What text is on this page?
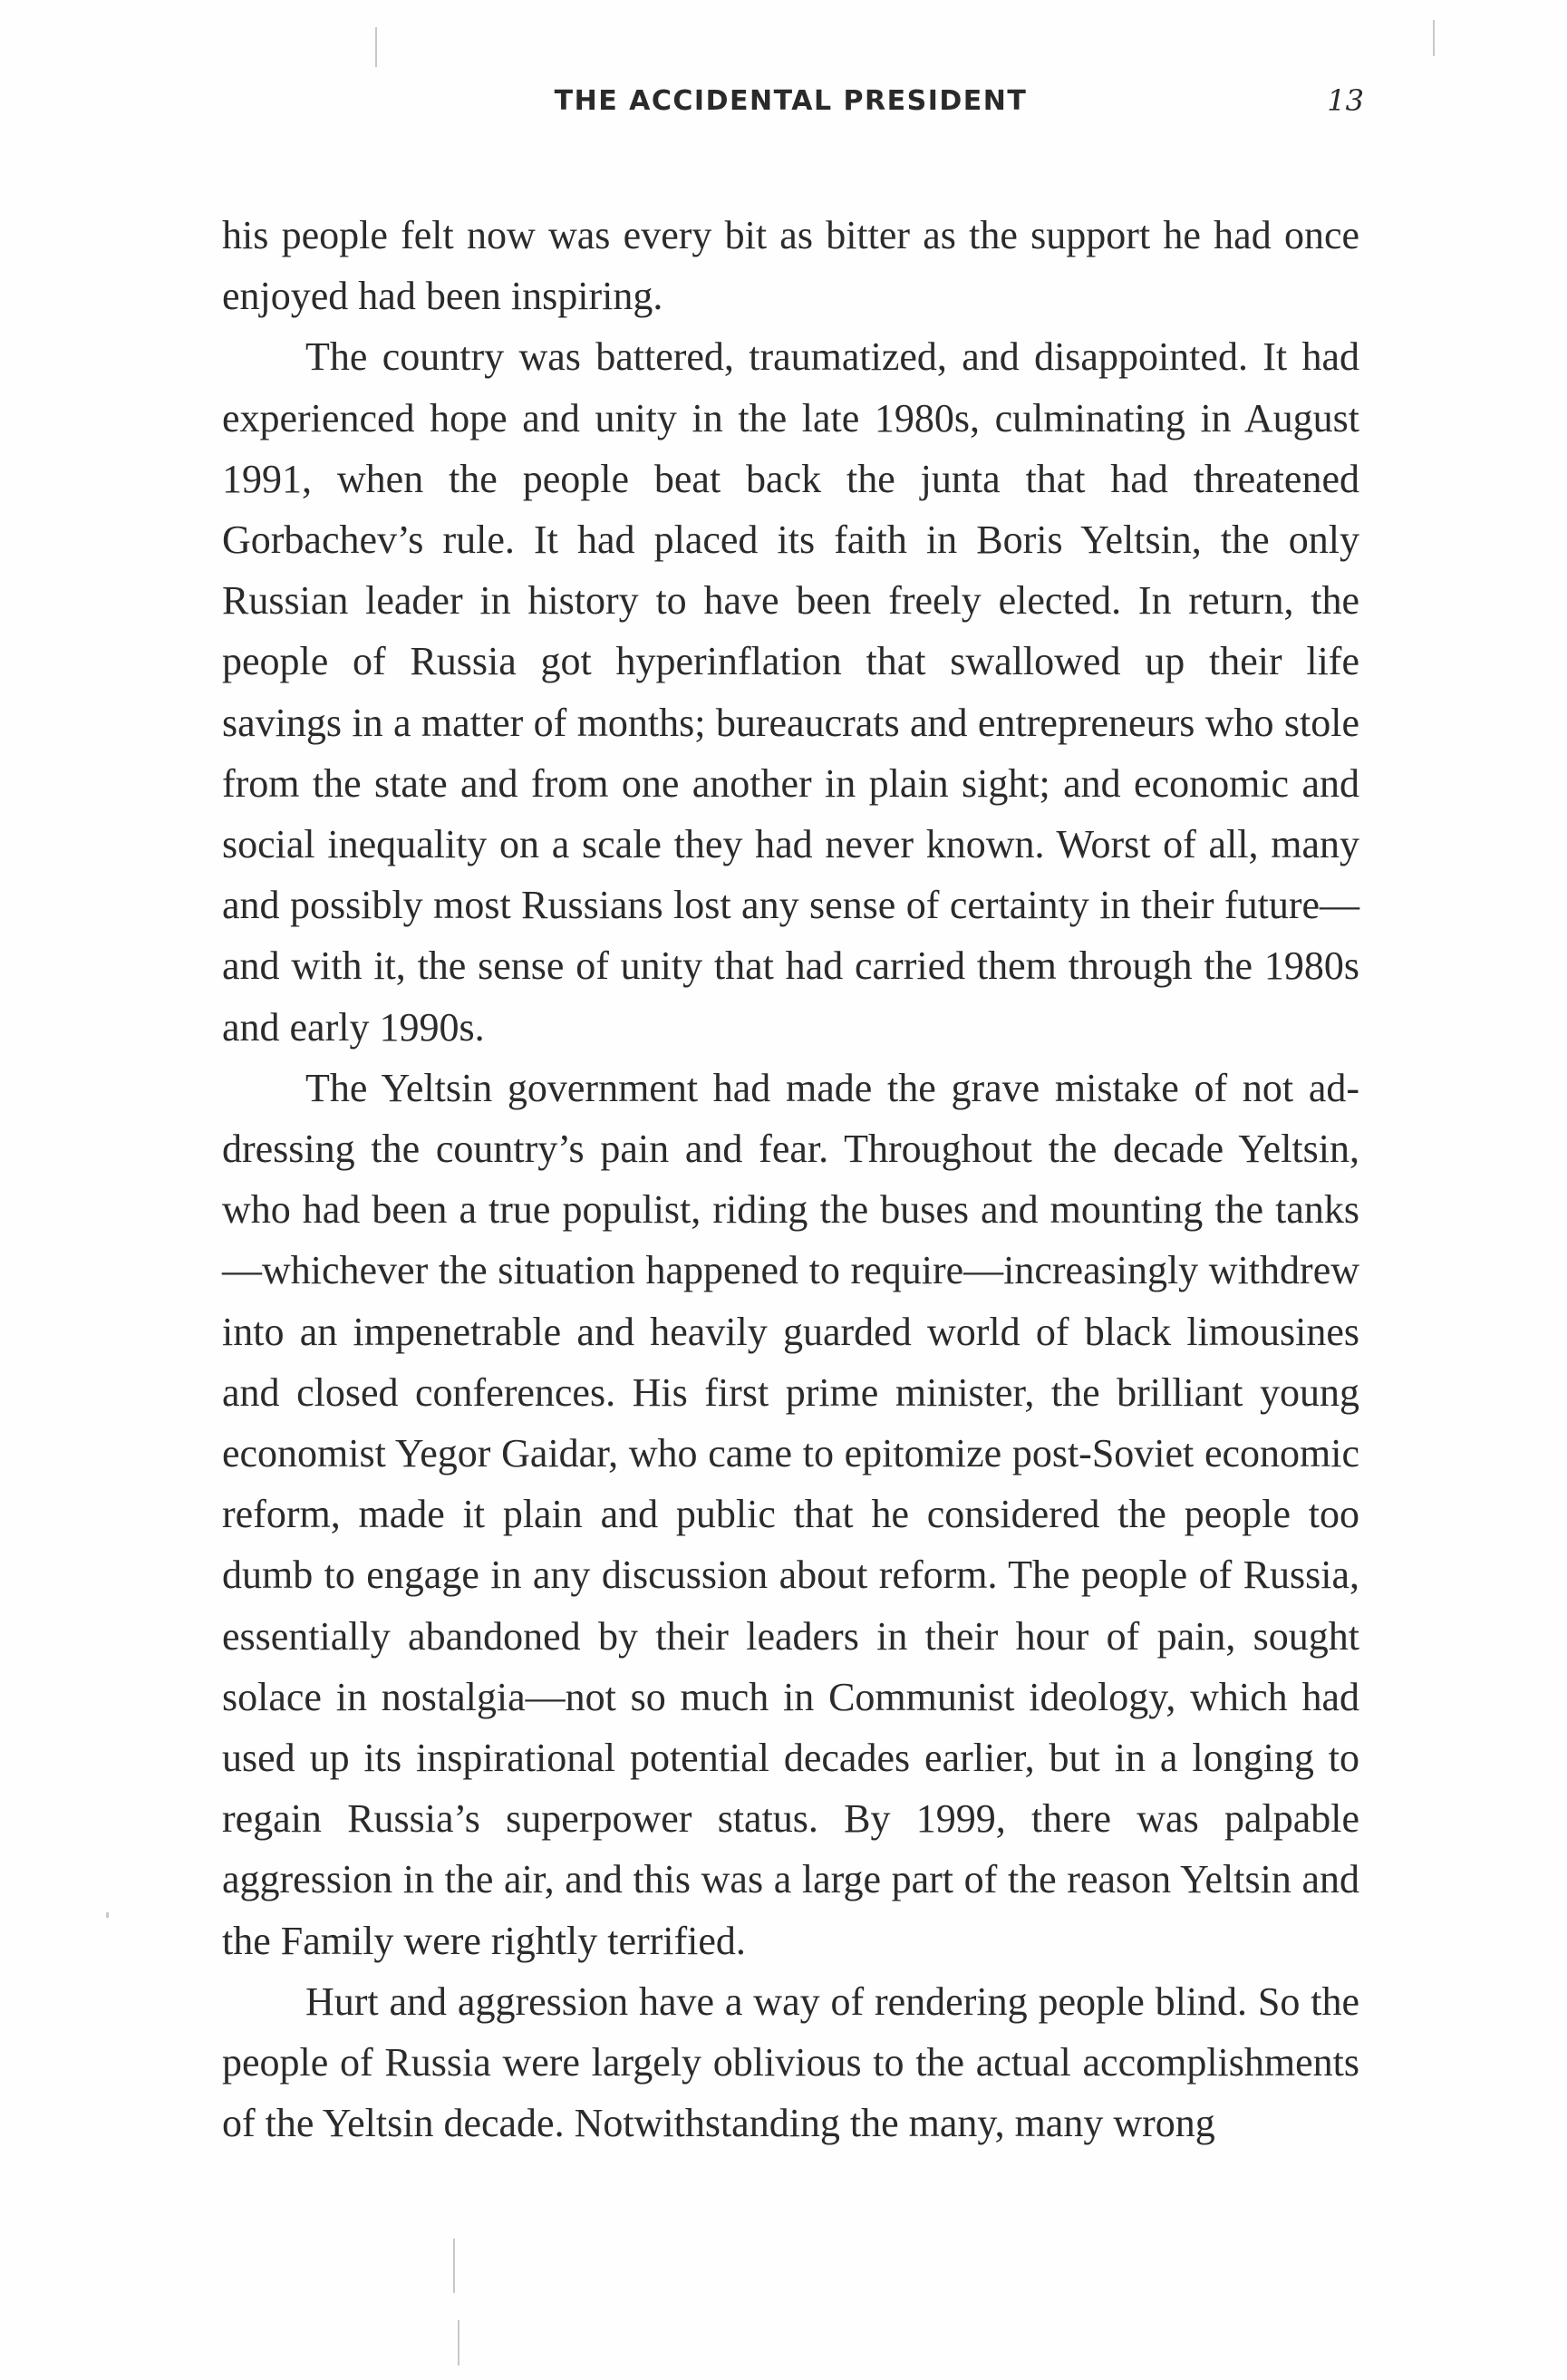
THE ACCIDENTAL PRESIDENT	13

his people felt now was every bit as bitter as the support he had once enjoyed had been inspiring.

The country was battered, traumatized, and disappointed. It had experienced hope and unity in the late 1980s, culminating in August 1991, when the people beat back the junta that had threatened Gorbachev’s rule. It had placed its faith in Boris Yeltsin, the only Russian leader in history to have been freely elected. In return, the people of Russia got hyperinflation that swallowed up their life savings in a matter of months; bureaucrats and entrepreneurs who stole from the state and from one another in plain sight; and economic and social inequality on a scale they had never known. Worst of all, many and possibly most Russians lost any sense of certainty in their future—and with it, the sense of unity that had carried them through the 1980s and early 1990s.

The Yeltsin government had made the grave mistake of not addressing the country’s pain and fear. Throughout the decade Yeltsin, who had been a true populist, riding the buses and mounting the tanks—whichever the situation happened to require—increasingly withdrew into an impenetrable and heavily guarded world of black limousines and closed conferences. His first prime minister, the brilliant young economist Yegor Gaidar, who came to epitomize post-Soviet economic reform, made it plain and public that he considered the people too dumb to engage in any discussion about reform. The people of Russia, essentially abandoned by their leaders in their hour of pain, sought solace in nostalgia—not so much in Communist ideology, which had used up its inspirational potential decades earlier, but in a longing to regain Russia’s superpower status. By 1999, there was palpable aggression in the air, and this was a large part of the reason Yeltsin and the Family were rightly terrified.

Hurt and aggression have a way of rendering people blind. So the people of Russia were largely oblivious to the actual accomplishments of the Yeltsin decade. Notwithstanding the many, many wrong
